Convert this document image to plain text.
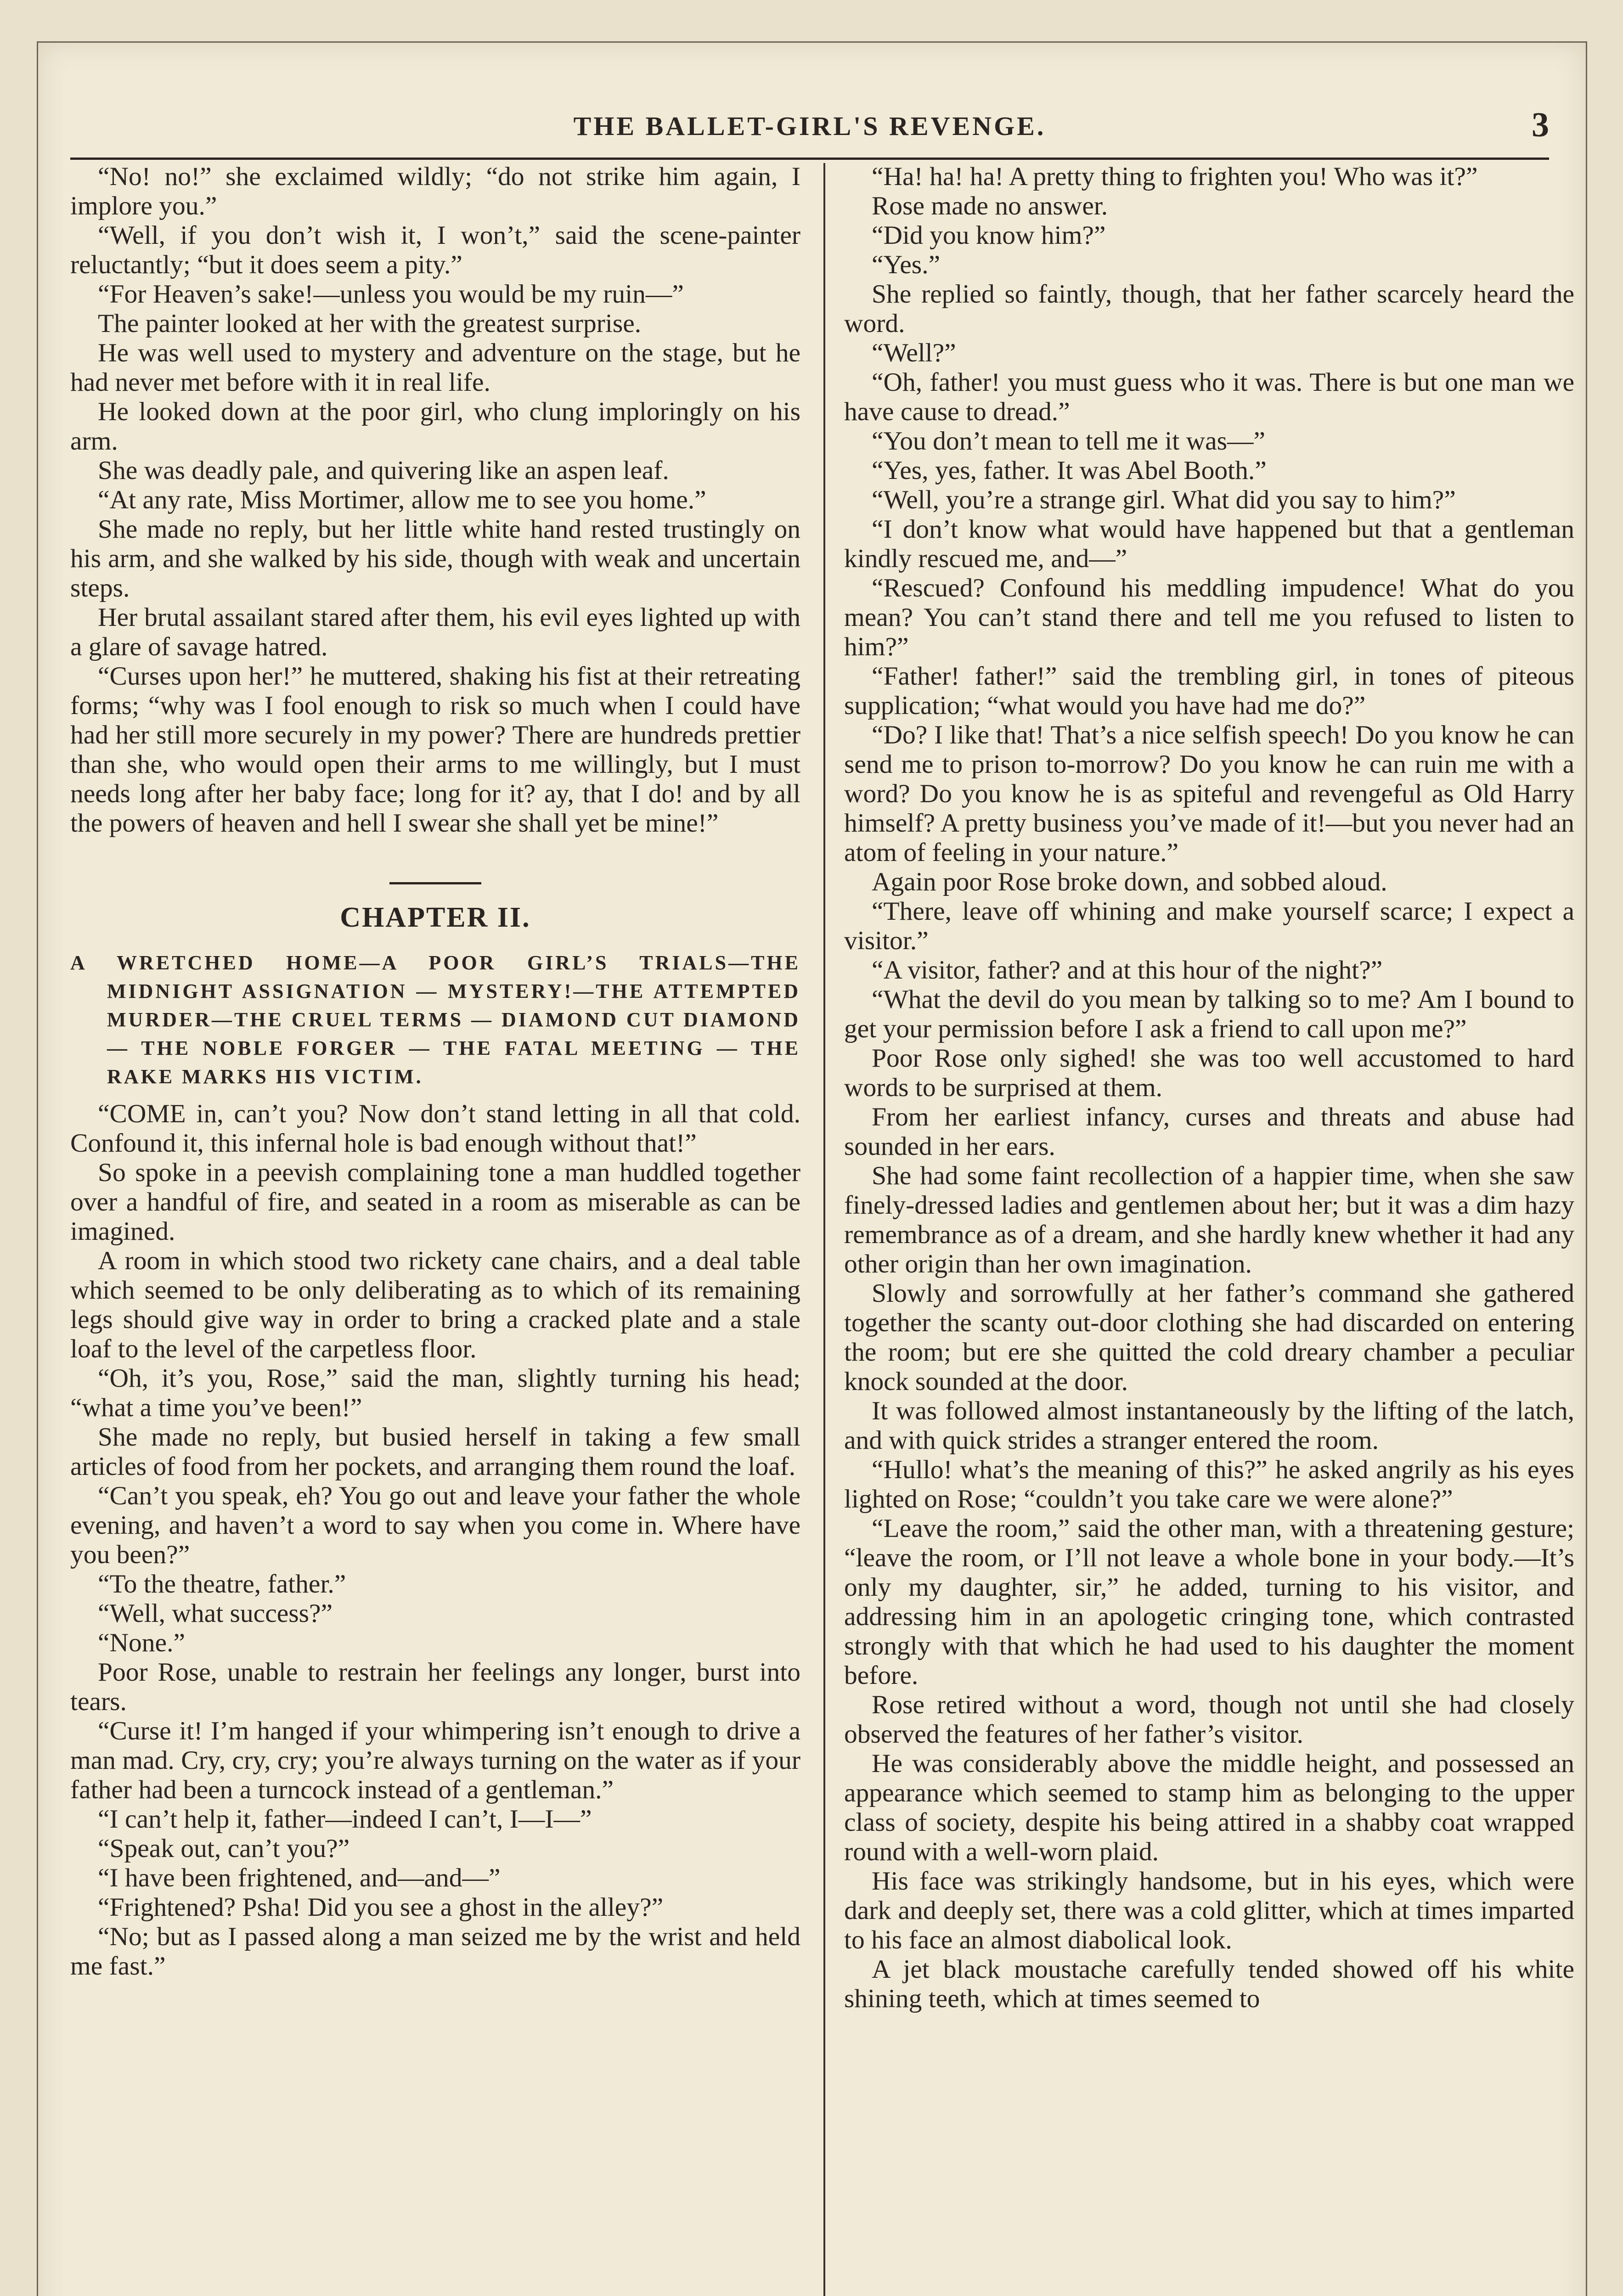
THE BALLET-GIRL'S REVENGE.	3

“No! no!” she exclaimed wildly; “do not strike him again, I implore you.”

“Well, if you don’t wish it, I won’t,” said the scene-painter reluctantly; “but it does seem a pity.”

“For Heaven’s sake!—unless you would be my ruin—”

The painter looked at her with the greatest surprise.

He was well used to mystery and adventure on the stage, but he had never met before with it in real life.

He looked down at the poor girl, who clung imploringly on his arm.

She was deadly pale, and quivering like an aspen leaf.

“At any rate, Miss Mortimer, allow me to see you home.”

She made no reply, but her little white hand rested trustingly on his arm, and she walked by his side, though with weak and uncertain steps.

Her brutal assailant stared after them, his evil eyes lighted up with a glare of savage hatred.

“Curses upon her!” he muttered, shaking his fist at their retreating forms; “why was I fool enough to risk so much when I could have had her still more securely in my power? There are hundreds prettier than she, who would open their arms to me willingly, but I must needs long after her baby face; long for it? ay, that I do! and by all the powers of heaven and hell I swear she shall yet be mine!”

CHAPTER II.
A WRETCHED HOME—A POOR GIRL’S TRIALS—THE MIDNIGHT ASSIGNATION — MYSTERY!—THE ATTEMPTED MURDER—THE CRUEL TERMS — DIAMOND CUT DIAMOND — THE NOBLE FORGER — THE FATAL MEETING — THE RAKE MARKS HIS VICTIM.

“COME in, can’t you? Now don’t stand letting in all that cold. Confound it, this infernal hole is bad enough without that!”

So spoke in a peevish complaining tone a man huddled together over a handful of fire, and seated in a room as miserable as can be imagined.

A room in which stood two rickety cane chairs, and a deal table which seemed to be only deliberating as to which of its remaining legs should give way in order to bring a cracked plate and a stale loaf to the level of the carpetless floor.

“Oh, it’s you, Rose,” said the man, slightly turning his head; “what a time you’ve been!”

She made no reply, but busied herself in taking a few small articles of food from her pockets, and arranging them round the loaf.

“Can’t you speak, eh? You go out and leave your father the whole evening, and haven’t a word to say when you come in. Where have you been?”

“To the theatre, father.”

“Well, what success?”

“None.”

Poor Rose, unable to restrain her feelings any longer, burst into tears.

“Curse it! I’m hanged if your whimpering isn’t enough to drive a man mad. Cry, cry, cry; you’re always turning on the water as if your father had been a turncock instead of a gentleman.”

“I can’t help it, father—indeed I can’t, I—I—”

“Speak out, can’t you?”

“I have been frightened, and—and—”

“Frightened? Psha! Did you see a ghost in the alley?”

“No; but as I passed along a man seized me by the wrist and held me fast.”

“Ha! ha! ha! A pretty thing to frighten you! Who was it?”

Rose made no answer.

“Did you know him?”

“Yes.”

She replied so faintly, though, that her father scarcely heard the word.

“Well?”

“Oh, father! you must guess who it was. There is but one man we have cause to dread.”

“You don’t mean to tell me it was—”

“Yes, yes, father. It was Abel Booth.”

“Well, you’re a strange girl. What did you say to him?”

“I don’t know what would have happened but that a gentleman kindly rescued me, and—”

“Rescued? Confound his meddling impudence! What do you mean? You can’t stand there and tell me you refused to listen to him?”

“Father! father!” said the trembling girl, in tones of piteous supplication; “what would you have had me do?”

“Do? I like that! That’s a nice selfish speech! Do you know he can send me to prison to-morrow? Do you know he can ruin me with a word? Do you know he is as spiteful and revengeful as Old Harry himself? A pretty business you’ve made of it!—but you never had an atom of feeling in your nature.”

Again poor Rose broke down, and sobbed aloud.

“There, leave off whining and make yourself scarce; I expect a visitor.”

“A visitor, father? and at this hour of the night?”

“What the devil do you mean by talking so to me? Am I bound to get your permission before I ask a friend to call upon me?”

Poor Rose only sighed! she was too well accustomed to hard words to be surprised at them.

From her earliest infancy, curses and threats and abuse had sounded in her ears.

She had some faint recollection of a happier time, when she saw finely-dressed ladies and gentlemen about her; but it was a dim hazy remembrance as of a dream, and she hardly knew whether it had any other origin than her own imagination.

Slowly and sorrowfully at her father’s command she gathered together the scanty out-door clothing she had discarded on entering the room; but ere she quitted the cold dreary chamber a peculiar knock sounded at the door.

It was followed almost instantaneously by the lifting of the latch, and with quick strides a stranger entered the room.

“Hullo! what’s the meaning of this?” he asked angrily as his eyes lighted on Rose; “couldn’t you take care we were alone?”

“Leave the room,” said the other man, with a threatening gesture; “leave the room, or I’ll not leave a whole bone in your body.—It’s only my daughter, sir,” he added, turning to his visitor, and addressing him in an apologetic cringing tone, which contrasted strongly with that which he had used to his daughter the moment before.

Rose retired without a word, though not until she had closely observed the features of her father’s visitor.

He was considerably above the middle height, and possessed an appearance which seemed to stamp him as belonging to the upper class of society, despite his being attired in a shabby coat wrapped round with a well-worn plaid.

His face was strikingly handsome, but in his eyes, which were dark and deeply set, there was a cold glitter, which at times imparted to his face an almost diabolical look.

A jet black moustache carefully tended showed off his white shining teeth, which at times seemed to
